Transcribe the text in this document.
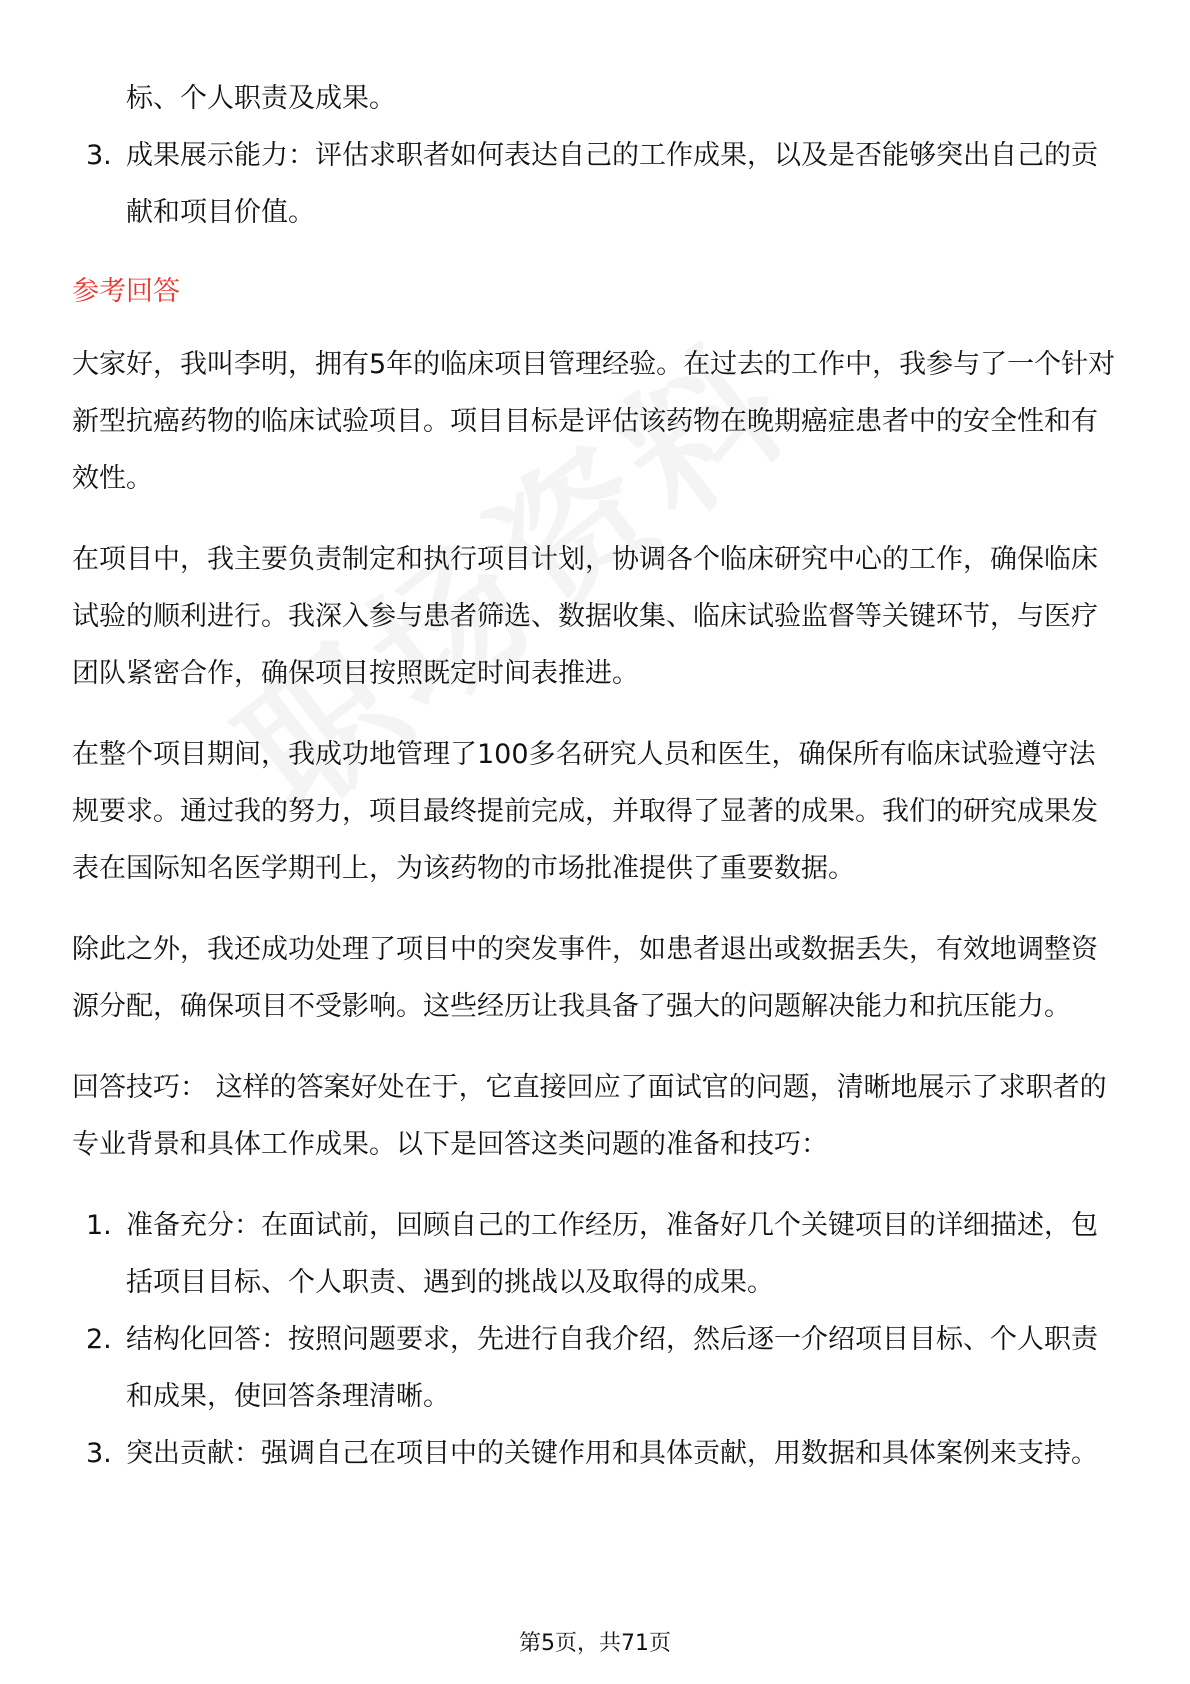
标、个人职责及成果。
3. 成果展示能力：评估求职者如何表达自己的工作成果，以及是否能够突出自己的贡献和项目价值。
参考回答
大家好，我叫李明，拥有5年的临床项目管理经验。在过去的工作中，我参与了一个针对新型抗癌药物的临床试验项目。项目目标是评估该药物在晚期癌症患者中的安全性和有效性。
在项目中，我主要负责制定和执行项目计划，协调各个临床研究中心的工作，确保临床试验的顺利进行。我深入参与患者筛选、数据收集、临床试验监督等关键环节，与医疗团队紧密合作，确保项目按照既定时间表推进。
在整个项目期间，我成功地管理了100多名研究人员和医生，确保所有临床试验遵守法规要求。通过我的努力，项目最终提前完成，并取得了显著的成果。我们的研究成果发表在国际知名医学期刊上，为该药物的市场批准提供了重要数据。
除此之外，我还成功处理了项目中的突发事件，如患者退出或数据丢失，有效地调整资源分配，确保项目不受影响。这些经历让我具备了强大的问题解决能力和抗压能力。
回答技巧： 这样的答案好处在于，它直接回应了面试官的问题，清晰地展示了求职者的专业背景和具体工作成果。以下是回答这类问题的准备和技巧：
1. 准备充分：在面试前，回顾自己的工作经历，准备好几个关键项目的详细描述，包括项目目标、个人职责、遇到的挑战以及取得的成果。
2. 结构化回答：按照问题要求，先进行自我介绍，然后逐一介绍项目目标、个人职责和成果，使回答条理清晰。
3. 突出贡献：强调自己在项目中的关键作用和具体贡献，用数据和具体案例来支持。
第5页，共71页
